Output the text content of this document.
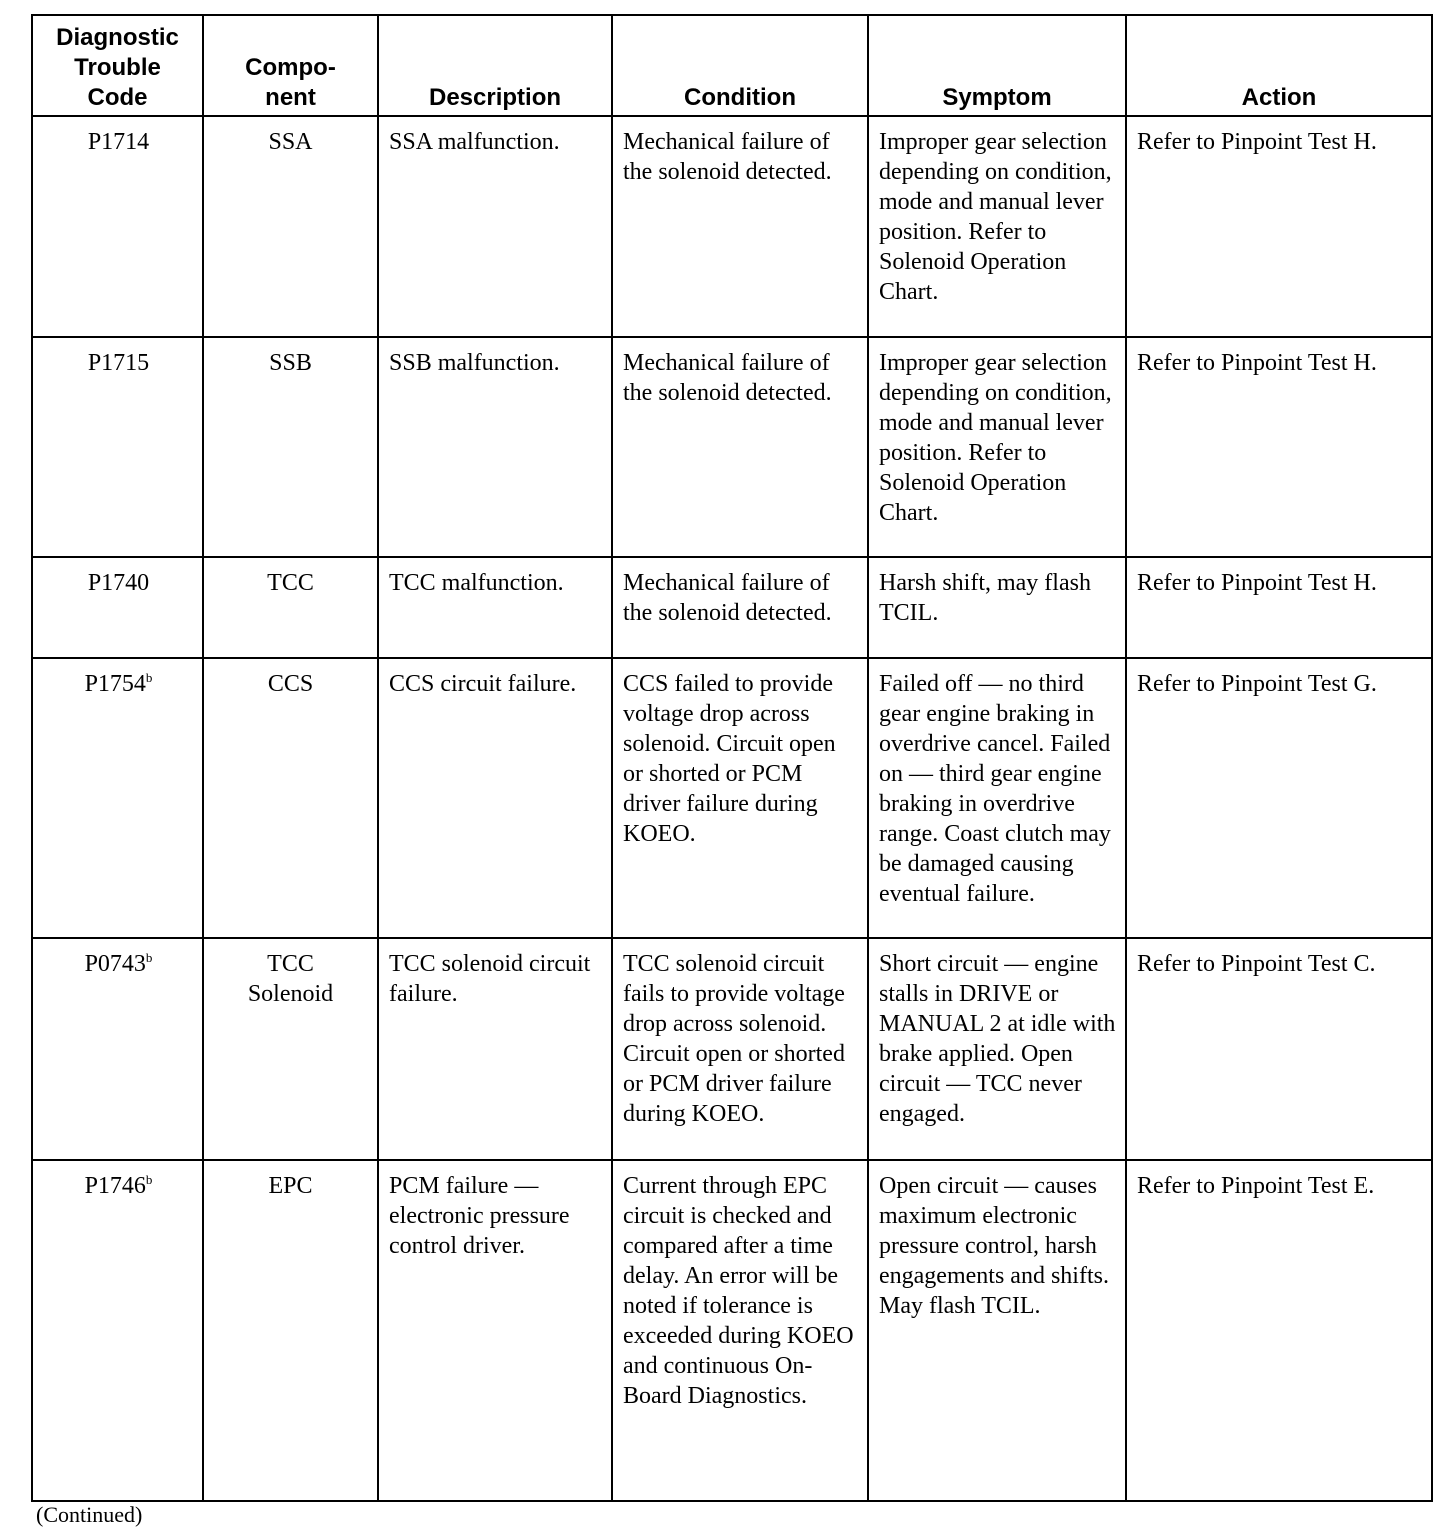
Diagnostic Trouble Code	Compo-nent	Description	Condition	Symptom	Action
P1714	SSA	SSA malfunction.	Mechanical failure of the solenoid detected.	Improper gear selection depending on condition, mode and manual lever position. Refer to Solenoid Operation Chart.	Refer to Pinpoint Test H.
P1715	SSB	SSB malfunction.	Mechanical failure of the solenoid detected.	Improper gear selection depending on condition, mode and manual lever position. Refer to Solenoid Operation Chart.	Refer to Pinpoint Test H.
P1740	TCC	TCC malfunction.	Mechanical failure of the solenoid detected.	Harsh shift, may flash TCIL.	Refer to Pinpoint Test H.
P1754$^b$	CCS	CCS circuit failure.	CCS failed to provide voltage drop across solenoid. Circuit open or shorted or PCM driver failure during KOEO.	Failed off — no third gear engine braking in overdrive cancel. Failed on — third gear engine braking in overdrive range. Coast clutch may be damaged causing eventual failure.	Refer to Pinpoint Test G.
P0743$^b$	TCC Solenoid	TCC solenoid circuit failure.	TCC solenoid circuit fails to provide voltage drop across solenoid. Circuit open or shorted or PCM driver failure during KOEO.	Short circuit — engine stalls in DRIVE or MANUAL 2 at idle with brake applied. Open circuit — TCC never engaged.	Refer to Pinpoint Test C.
P1746$^b$	EPC	PCM failure — electronic pressure control driver.	Current through EPC circuit is checked and compared after a time delay. An error will be noted if tolerance is exceeded during KOEO and continuous On-Board Diagnostics.	Open circuit — causes maximum electronic pressure control, harsh engagements and shifts. May flash TCIL.	Refer to Pinpoint Test E.
(Continued)
